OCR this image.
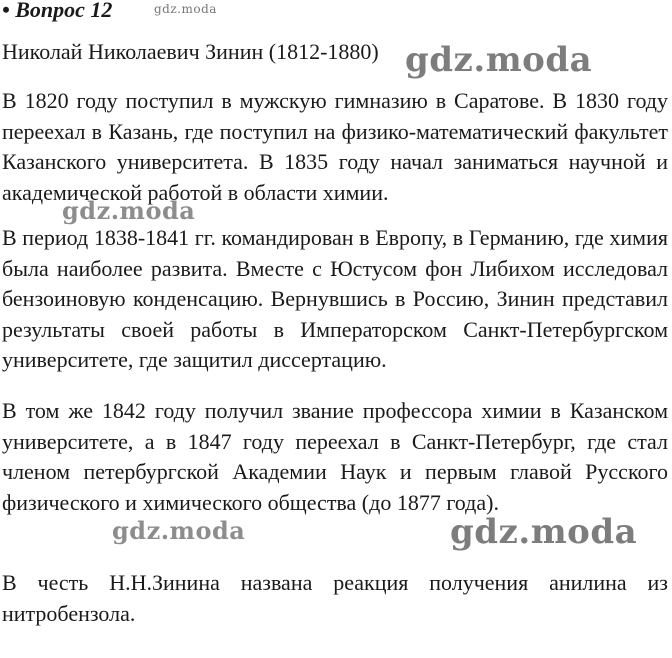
• Вопрос 12
Николай Николаевич Зинин (1812-1880)

В 1820 году поступил в мужскую гимназию в Саратове. В 1830 году переехал в Казань, где поступил на физико-математический факультет Казанского университета. В 1835 году начал заниматься научной и академической работой в области химии.

В период 1838-1841 гг. командирован в Европу, в Германию, где химия была наиболее развита. Вместе с Юстусом фон Либихом исследовал бензоиновую конденсацию. Вернувшись в Россию, Зинин представил результаты своей работы в Императорском Санкт-Петербургском университете, где защитил диссертацию.

В том же 1842 году получил звание профессора химии в Казанском университете, а в 1847 году переехал в Санкт-Петербург, где стал членом петербургской Академии Наук и первым главой Русского физического и химического общества (до 1877 года).

В честь Н.Н.Зинина названа реакция получения анилина из нитробензола.

gdz.moda
gdz.moda
gdz.moda
gdz.moda	gdz.moda
